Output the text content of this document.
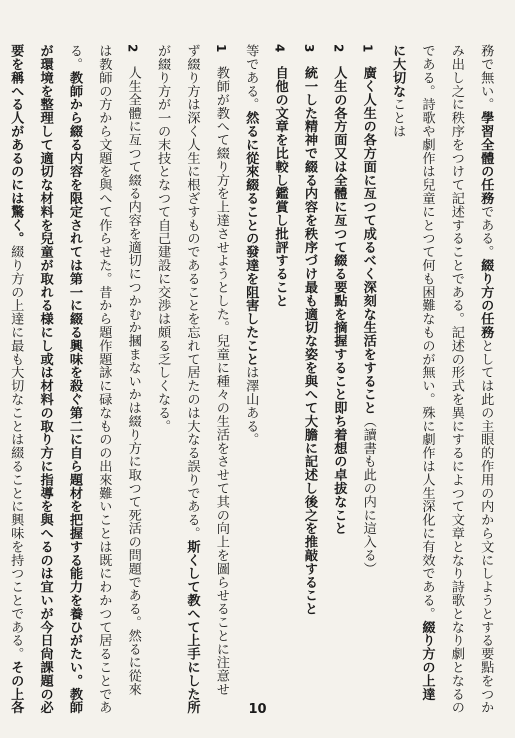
務で無い。學習全體の任務である。綴り方の任務としては此の主眼的作用の内から文にしようとする要點をつか
み出し之に秩序をつけて記述することである。記述の形式を異にするによつて文章となり詩歌となり劇となるの
である。詩歌や劇作は兒童にとつて何も困難なものが無い。殊に劇作は人生深化に有效である。綴り方の上達
に大切なことは
1　廣く人生の各方面に亙つて成るべく深刻な生活をすること（讀書も此の内に這入る）
2　人生の各方面又は全體に亙つて綴る要點を摘握すること即ち着想の卓拔なこと
3　統一した精神で綴る内容を秩序づけ最も適切な姿を與へて大膽に記述し後之を推敲すること
4　自他の文章を比較し鑑賞し批評すること
等である。然るに從來綴ることの發達を阻害したことは澤山ある。
1　教師が教へて綴り方を上達させようとした。兒童に種々の生活をさせて其の向上を圖らせることに注意せ
ず綴り方は深く人生に根ざすものであることを忘れて居たのは大なる誤りである。斯くして教へて上手にした所
が綴り方が一の末技となつて自己建設に交渉は頗る乏しくなる。
2　人生全體に亙つて綴る内容を適切につかむか摑まないかは綴り方に取つて死活の問題である。然るに從來
は教師の方から文題を與へて作らせた。昔から題作題詠に碌なものの出來難いことは既にわかつて居ることであ
る。教師から綴る内容を限定されては第一に綴る興味を殺ぐ第二に自ら題材を把握する能力を養ひがたい。教師
が環境を整理して適切な材料を兒童が取れる様にし或は材料の取り方に指導を與へるのは宜いが今日尙課題の必
要を稱へる人があるのには驚く。綴り方の上達に最も大切なことは綴ることに興味を持つことである。その上各	10
